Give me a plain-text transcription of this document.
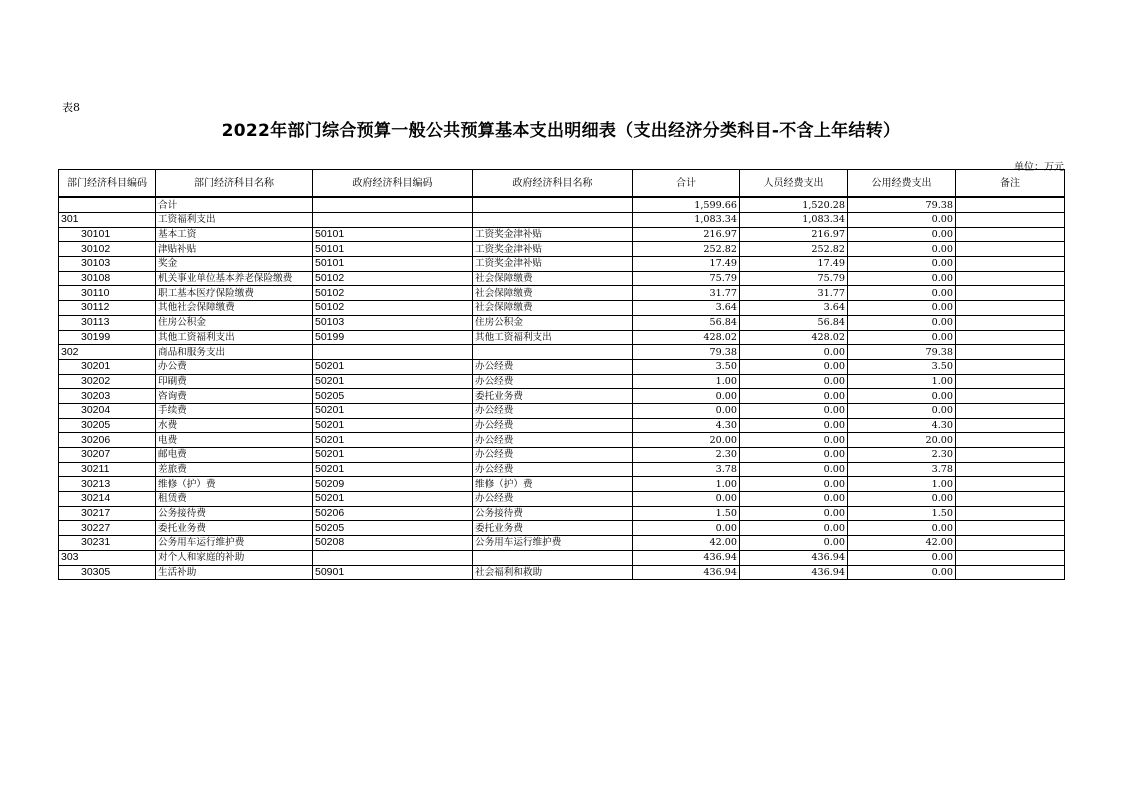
表8
2022年部门综合预算一般公共预算基本支出明细表（支出经济分类科目-不含上年结转）
单位：万元
部门经济科目编码	部门经济科目名称	政府经济科目编码	政府经济科目名称	合计	人员经费支出	公用经费支出	备注
	合计			1,599.66	1,520.28	79.38	
301	工资福利支出			1,083.34	1,083.34	0.00	
30101	基本工资	50101	工资奖金津补贴	216.97	216.97	0.00	
30102	津贴补贴	50101	工资奖金津补贴	252.82	252.82	0.00	
30103	奖金	50101	工资奖金津补贴	17.49	17.49	0.00	
30108	机关事业单位基本养老保险缴费	50102	社会保障缴费	75.79	75.79	0.00	
30110	职工基本医疗保险缴费	50102	社会保障缴费	31.77	31.77	0.00	
30112	其他社会保障缴费	50102	社会保障缴费	3.64	3.64	0.00	
30113	住房公积金	50103	住房公积金	56.84	56.84	0.00	
30199	其他工资福利支出	50199	其他工资福利支出	428.02	428.02	0.00	
302	商品和服务支出			79.38	0.00	79.38	
30201	办公费	50201	办公经费	3.50	0.00	3.50	
30202	印刷费	50201	办公经费	1.00	0.00	1.00	
30203	咨询费	50205	委托业务费	0.00	0.00	0.00	
30204	手续费	50201	办公经费	0.00	0.00	0.00	
30205	水费	50201	办公经费	4.30	0.00	4.30	
30206	电费	50201	办公经费	20.00	0.00	20.00	
30207	邮电费	50201	办公经费	2.30	0.00	2.30	
30211	差旅费	50201	办公经费	3.78	0.00	3.78	
30213	维修（护）费	50209	维修（护）费	1.00	0.00	1.00	
30214	租赁费	50201	办公经费	0.00	0.00	0.00	
30217	公务接待费	50206	公务接待费	1.50	0.00	1.50	
30227	委托业务费	50205	委托业务费	0.00	0.00	0.00	
30231	公务用车运行维护费	50208	公务用车运行维护费	42.00	0.00	42.00	
303	对个人和家庭的补助			436.94	436.94	0.00	
30305	生活补助	50901	社会福利和救助	436.94	436.94	0.00	
